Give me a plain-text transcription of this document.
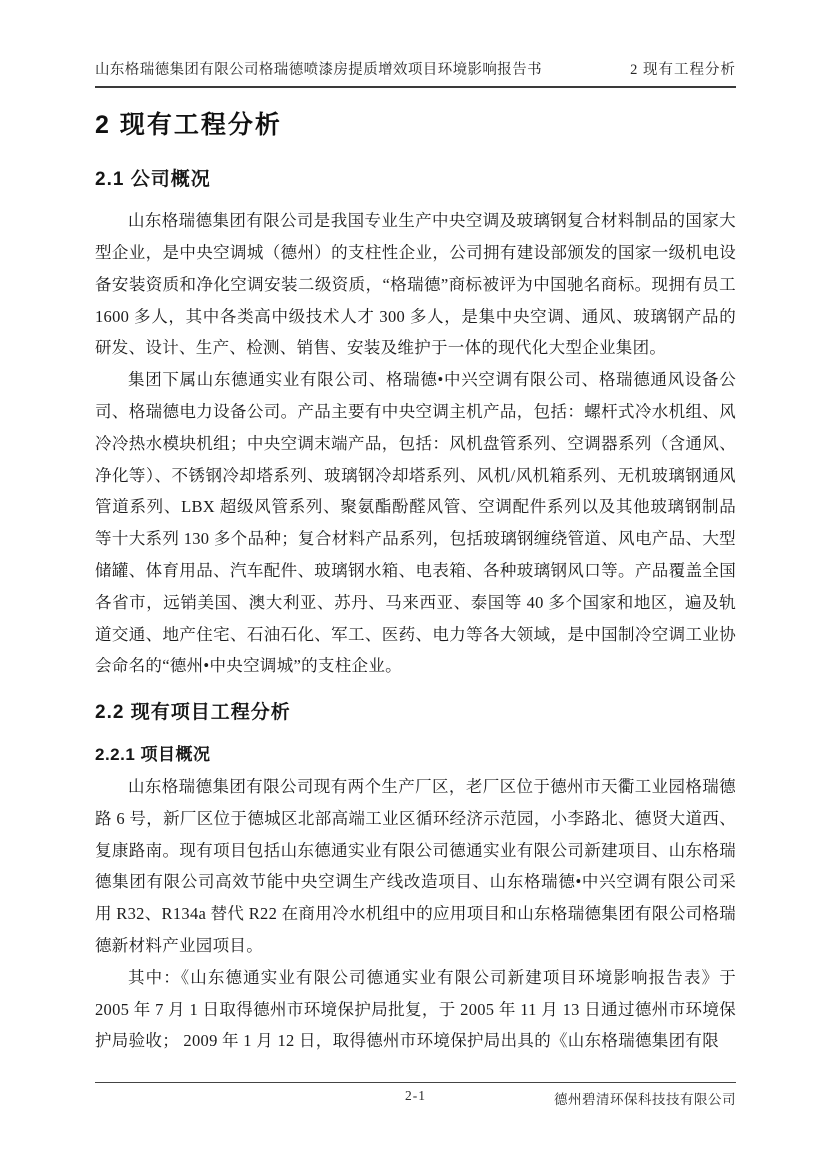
山东格瑞德集团有限公司格瑞德喷漆房提质增效项目环境影响报告书	2 现有工程分析
2 现有工程分析
2.1 公司概况

山东格瑞德集团有限公司是我国专业生产中央空调及玻璃钢复合材料制品的国家大型企业，是中央空调城（德州）的支柱性企业，公司拥有建设部颁发的国家一级机电设备安装资质和净化空调安装二级资质，“格瑞德”商标被评为中国驰名商标。现拥有员工 1600 多人，其中各类高中级技术人才 300 多人，是集中央空调、通风、玻璃钢产品的研发、设计、生产、检测、销售、安装及维护于一体的现代化大型企业集团。

集团下属山东德通实业有限公司、格瑞德•中兴空调有限公司、格瑞德通风设备公司、格瑞德电力设备公司。产品主要有中央空调主机产品，包括：螺杆式冷水机组、风冷冷热水模块机组；中央空调末端产品，包括：风机盘管系列、空调器系列（含通风、净化等）、不锈钢冷却塔系列、玻璃钢冷却塔系列、风机/风机箱系列、无机玻璃钢通风管道系列、LBX 超级风管系列、聚氨酯酚醛风管、空调配件系列以及其他玻璃钢制品等十大系列 130 多个品种；复合材料产品系列，包括玻璃钢缠绕管道、风电产品、大型储罐、体育用品、汽车配件、玻璃钢水箱、电表箱、各种玻璃钢风口等。产品覆盖全国各省市，远销美国、澳大利亚、苏丹、马来西亚、泰国等 40 多个国家和地区，遍及轨道交通、地产住宅、石油石化、军工、医药、电力等各大领域，是中国制冷空调工业协会命名的“德州•中央空调城”的支柱企业。

2.2 现有项目工程分析
2.2.1 项目概况

山东格瑞德集团有限公司现有两个生产厂区，老厂区位于德州市天衢工业园格瑞德路 6 号，新厂区位于德城区北部高端工业区循环经济示范园，小李路北、德贤大道西、复康路南。现有项目包括山东德通实业有限公司德通实业有限公司新建项目、山东格瑞德集团有限公司高效节能中央空调生产线改造项目、山东格瑞德•中兴空调有限公司采用 R32、R134a 替代 R22 在商用冷水机组中的应用项目和山东格瑞德集团有限公司格瑞德新材料产业园项目。

其中：《山东德通实业有限公司德通实业有限公司新建项目环境影响报告表》于 2005 年 7 月 1 日取得德州市环境保护局批复，于 2005 年 11 月 13 日通过德州市环境保护局验收； 2009 年 1 月 12 日，取得德州市环境保护局出具的《山东格瑞德集团有限

2-1	德州碧清环保科技技有限公司
